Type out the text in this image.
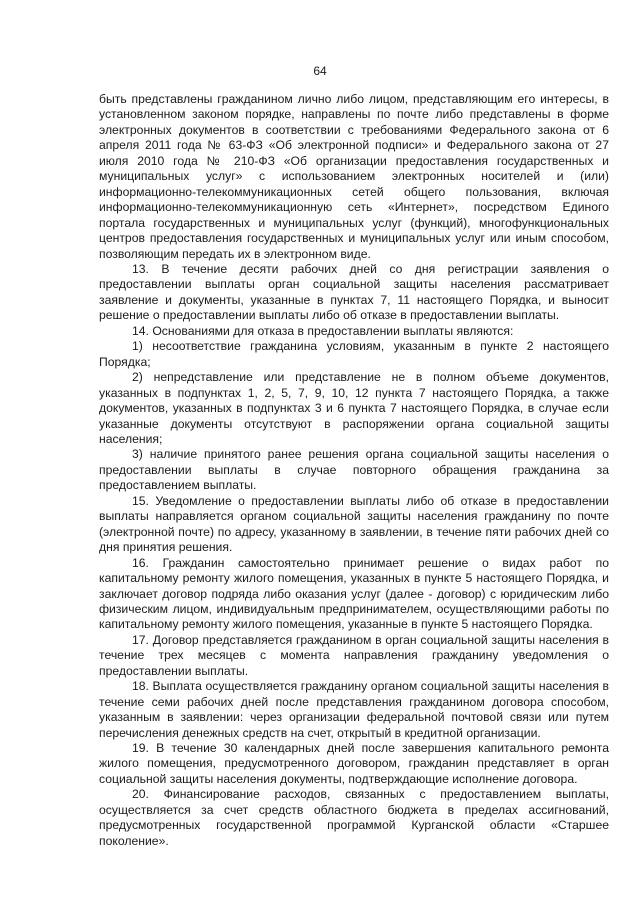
64

быть представлены гражданином лично либо лицом, представляющим его интересы, в установленном законом порядке, направлены по почте либо представлены в форме электронных документов в соответствии с требованиями Федерального закона от 6 апреля 2011 года № 63-ФЗ «Об электронной подписи» и Федерального закона от 27 июля 2010 года № 210-ФЗ «Об организации предоставления государственных и муниципальных услуг» с использованием электронных носителей и (или) информационно-телекоммуникационных сетей общего пользования, включая информационно-телекоммуникационную сеть «Интернет», посредством Единого портала государственных и муниципальных услуг (функций), многофункциональных центров предоставления государственных и муниципальных услуг или иным способом, позволяющим передать их в электронном виде.

13. В течение десяти рабочих дней со дня регистрации заявления о предоставлении выплаты орган социальной защиты населения рассматривает заявление и документы, указанные в пунктах 7, 11 настоящего Порядка, и выносит решение о предоставлении выплаты либо об отказе в предоставлении выплаты.

14. Основаниями для отказа в предоставлении выплаты являются:

1) несоответствие гражданина условиям, указанным в пункте 2 настоящего Порядка;

2) непредставление или представление не в полном объеме документов, указанных в подпунктах 1, 2, 5, 7, 9, 10, 12 пункта 7 настоящего Порядка, а также документов, указанных в подпунктах 3 и 6 пункта 7 настоящего Порядка, в случае если указанные документы отсутствуют в распоряжении органа социальной защиты населения;

3) наличие принятого ранее решения органа социальной защиты населения о предоставлении выплаты в случае повторного обращения гражданина за предоставлением выплаты.

15. Уведомление о предоставлении выплаты либо об отказе в предоставлении выплаты направляется органом социальной защиты населения гражданину по почте (электронной почте) по адресу, указанному в заявлении, в течение пяти рабочих дней со дня принятия решения.

16. Гражданин самостоятельно принимает решение о видах работ по капитальному ремонту жилого помещения, указанных в пункте 5 настоящего Порядка, и заключает договор подряда либо оказания услуг (далее - договор) с юридическим либо физическим лицом, индивидуальным предпринимателем, осуществляющими работы по капитальному ремонту жилого помещения, указанные в пункте 5 настоящего Порядка.

17. Договор представляется гражданином в орган социальной защиты населения в течение трех месяцев с момента направления гражданину уведомления о предоставлении выплаты.

18. Выплата осуществляется гражданину органом социальной защиты населения в течение семи рабочих дней после представления гражданином договора способом, указанным в заявлении: через организации федеральной почтовой связи или путем перечисления денежных средств на счет, открытый в кредитной организации.

19. В течение 30 календарных дней после завершения капитального ремонта жилого помещения, предусмотренного договором, гражданин представляет в орган социальной защиты населения документы, подтверждающие исполнение договора.

20. Финансирование расходов, связанных с предоставлением выплаты, осуществляется за счет средств областного бюджета в пределах ассигнований, предусмотренных государственной программой Курганской области «Старшее поколение».
